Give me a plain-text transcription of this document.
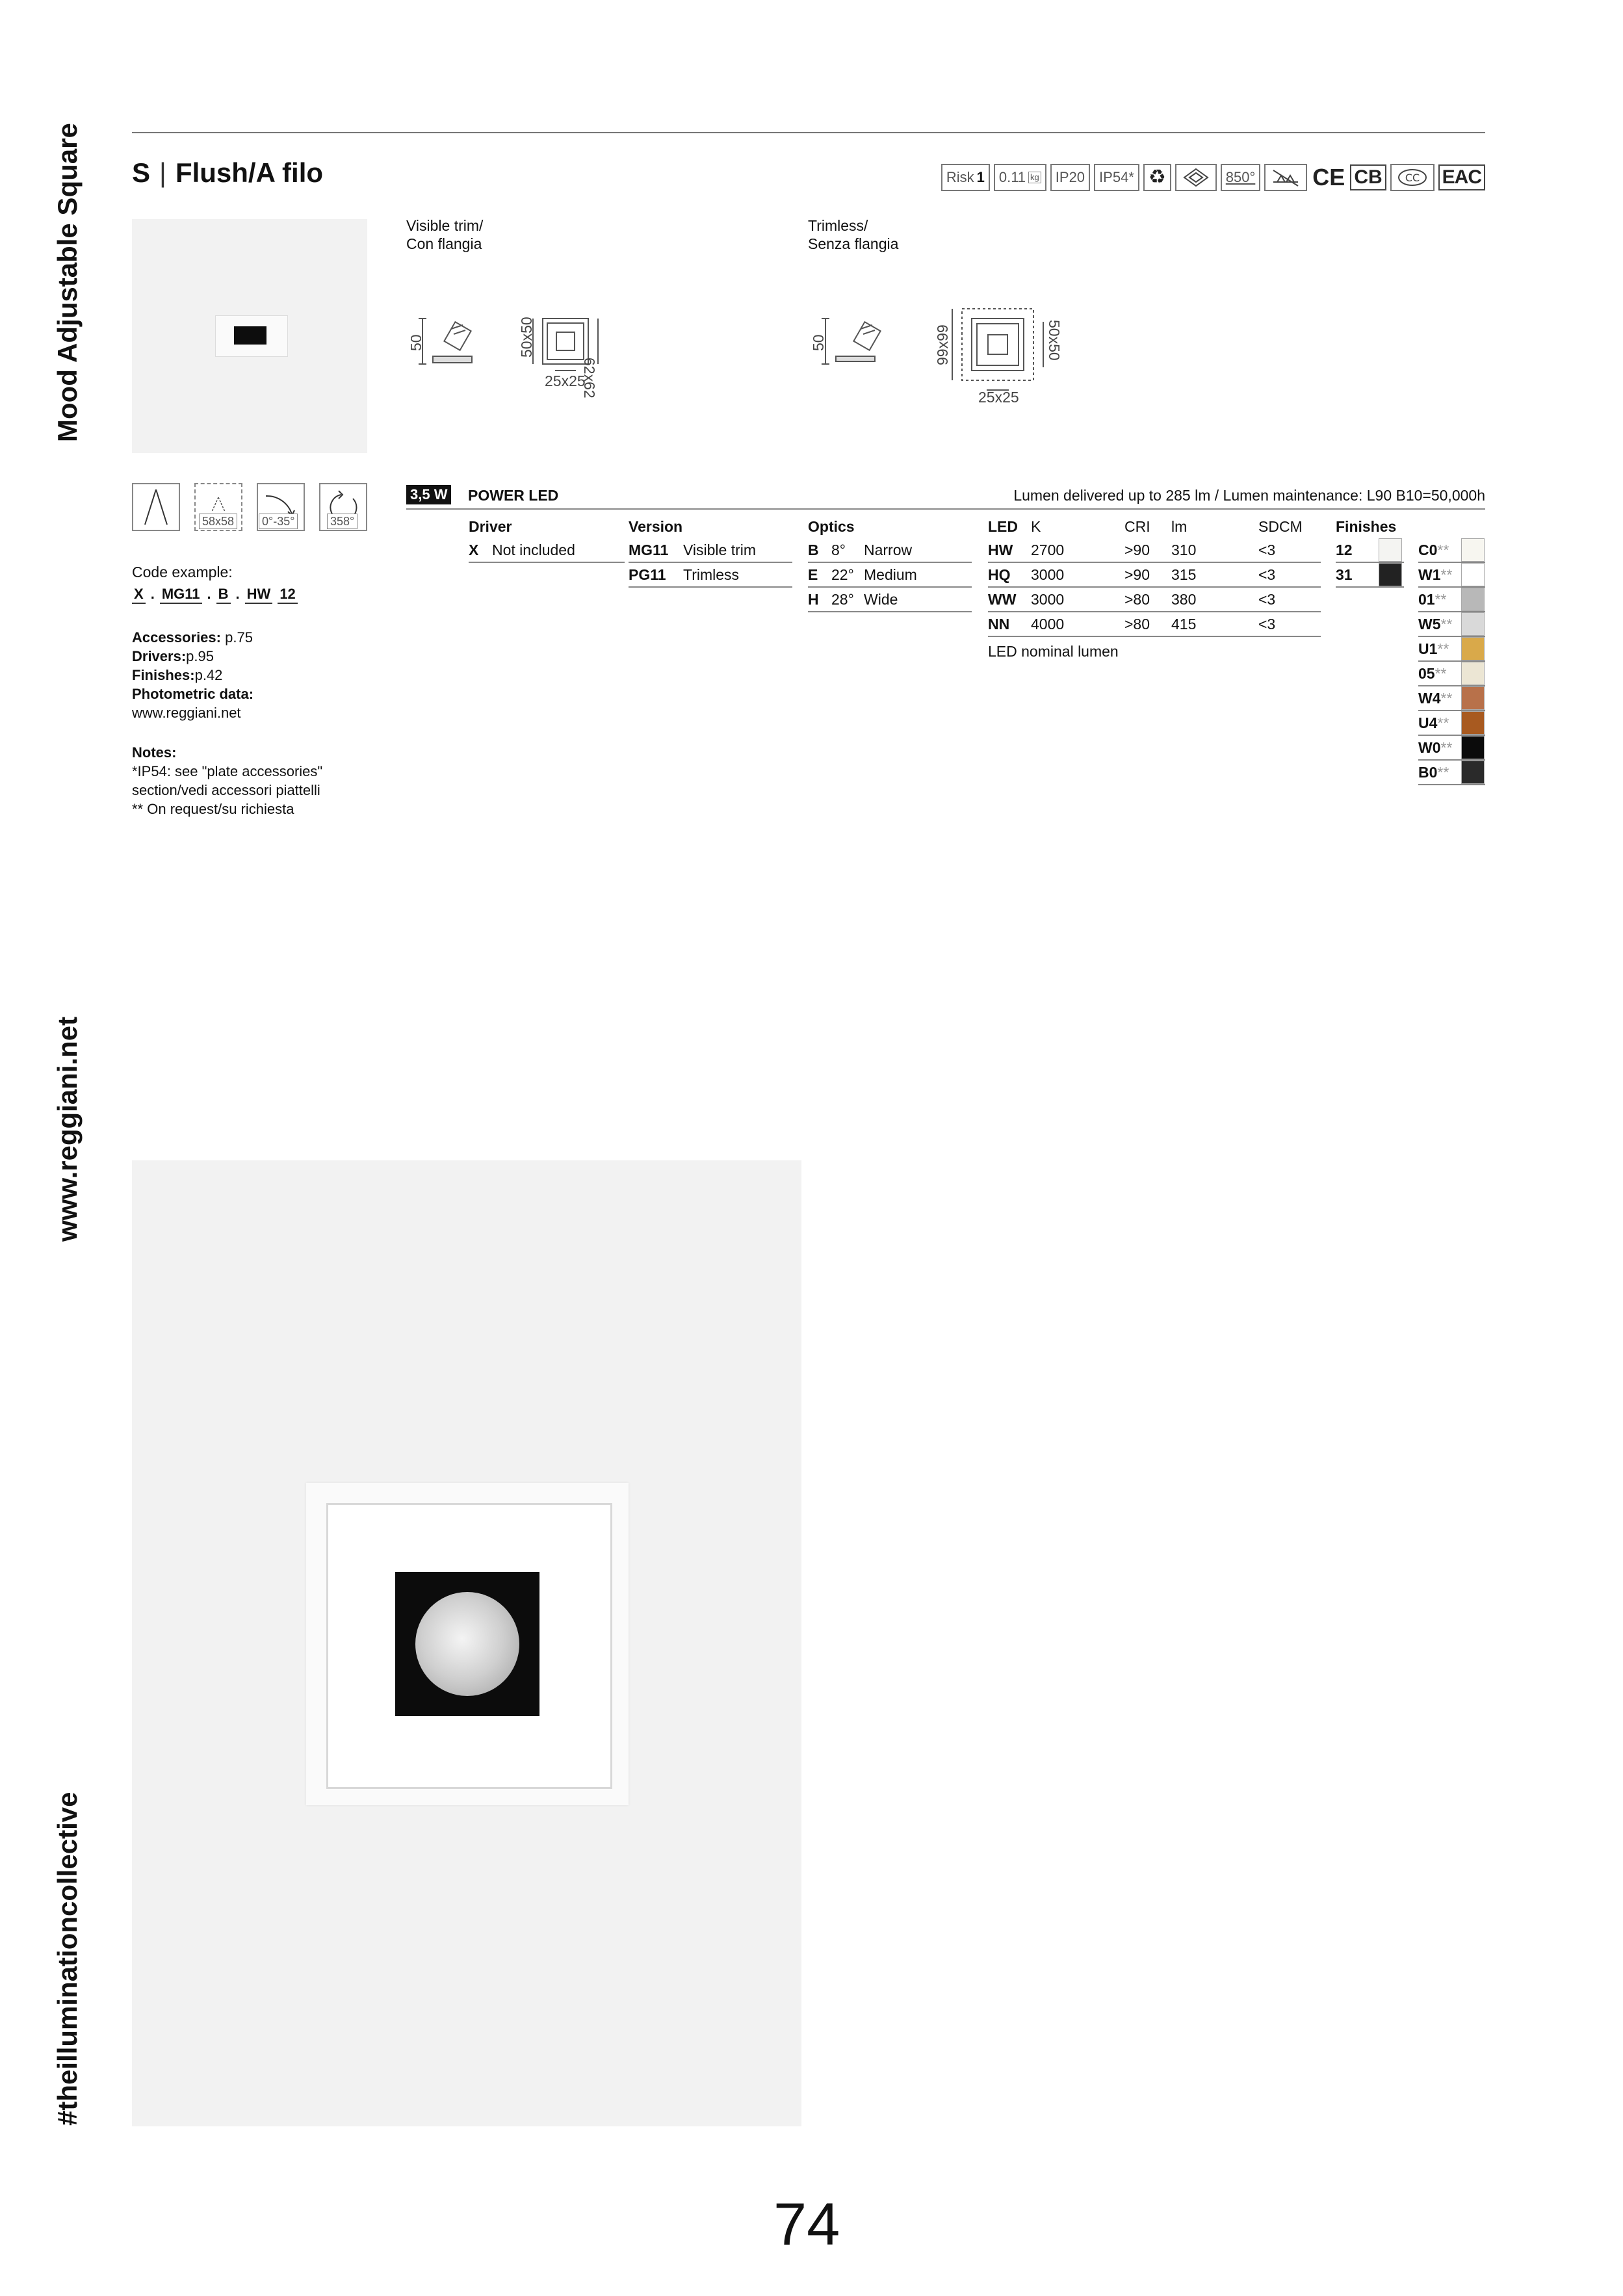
Mood Adjustable Square
www.reggiani.net
#theilluminationcollective
S | Flush/A filo	Risk 1 0.11 kg	IP20	IP54* ♻	850° CE CB	CC EAC
Visible trim/
Con flangia
50	50x50
62x62
25x25
Trimless/
Senza flangia
50	99x99	50x50
25x25
58x58 0°-35°	358°
Code example:
X . MG11 . B . HW 12
Accessories: p.75
Drivers:p.95
Finishes:p.42
Photometric data:
www.reggiani.net
Notes:
*IP54: see "plate accessories"
section/vedi accessori piattelli
** On request/su richiesta
3,5 W POWER LED	Lumen delivered up to 285 lm / Lumen maintenance: L90 B10=50,000h
Driver
X Not included
Version
MG11 Visible trim
PG11 Trimless
Optics
B 8° Narrow
E 22° Medium
H 28° Wide
LED K	CRI lm	SDCM
HW 2700	>90 310	<3
HQ 3000	>90 315	<3
WW 3000	>80 380	<3
NN 4000	>80 415	<3
LED nominal lumen
Finishes
12
31
C0**
W1**
01**
W5**
U1**
05**
W4**
U4**
W0**
B0**
74
